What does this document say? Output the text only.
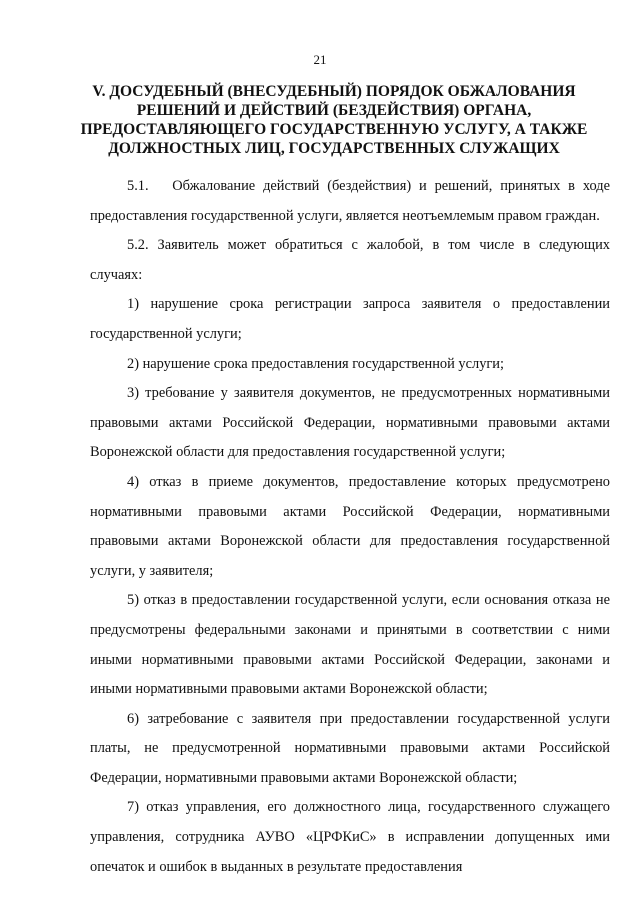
21
V. ДОСУДЕБНЫЙ (ВНЕСУДЕБНЫЙ) ПОРЯДОК ОБЖАЛОВАНИЯ
РЕШЕНИЙ И ДЕЙСТВИЙ (БЕЗДЕЙСТВИЯ) ОРГАНА,
ПРЕДОСТАВЛЯЮЩЕГО ГОСУДАРСТВЕННУЮ УСЛУГУ, А ТАКЖЕ
ДОЛЖНОСТНЫХ ЛИЦ, ГОСУДАРСТВЕННЫХ СЛУЖАЩИХ

5.1.   Обжалование действий (бездействия) и решений, принятых в ходе предоставления государственной услуги, является неотъемлемым правом граждан.

5.2. Заявитель может обратиться с жалобой, в том числе в следующих случаях:

1) нарушение срока регистрации запроса заявителя о предоставлении государственной услуги;

2) нарушение срока предоставления государственной услуги;

3) требование у заявителя документов, не предусмотренных нормативными правовыми актами Российской Федерации, нормативными правовыми актами Воронежской области для предоставления государственной услуги;

4) отказ в приеме документов, предоставление которых предусмотрено нормативными правовыми актами Российской Федерации, нормативными правовыми актами Воронежской области для предоставления государственной услуги, у заявителя;

5) отказ в предоставлении государственной услуги, если основания отказа не предусмотрены федеральными законами и принятыми в соответствии с ними иными нормативными правовыми актами Российской Федерации, законами и иными нормативными правовыми актами Воронежской области;

6) затребование с заявителя при предоставлении государственной услуги платы, не предусмотренной нормативными правовыми актами Российской Федерации, нормативными правовыми актами Воронежской области;

7) отказ управления, его должностного лица, государственного служащего управления, сотрудника АУВО «ЦРФКиС» в исправлении допущенных ими опечаток и ошибок в выданных в результате предоставления
